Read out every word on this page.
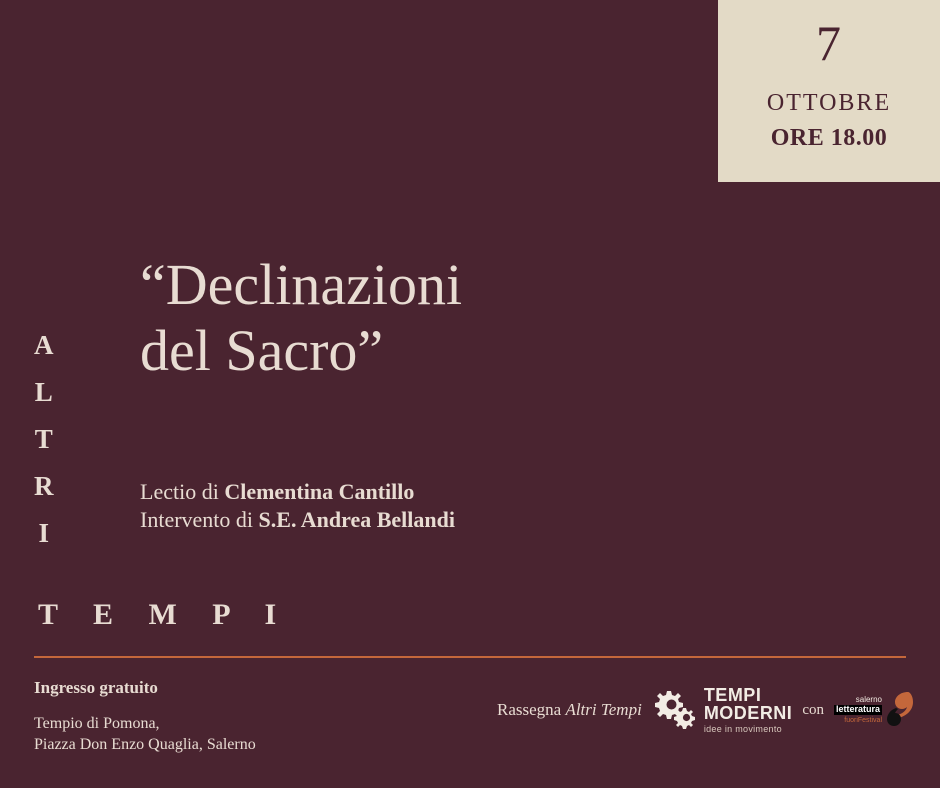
7
OTTOBRE
ORE 18.00
A
L
T
R
I
T E M P I
“Declinazioni
del Sacro”
Lectio di Clementina Cantillo
Intervento di S.E. Andrea Bellandi
Ingresso gratuito
Tempio di Pomona,
Piazza Don Enzo Quaglia, Salerno
Rassegna Altri Tempi
TEMPI
MODERNI
idee in movimento
con
salerno
letteratura
fuoriFestival
